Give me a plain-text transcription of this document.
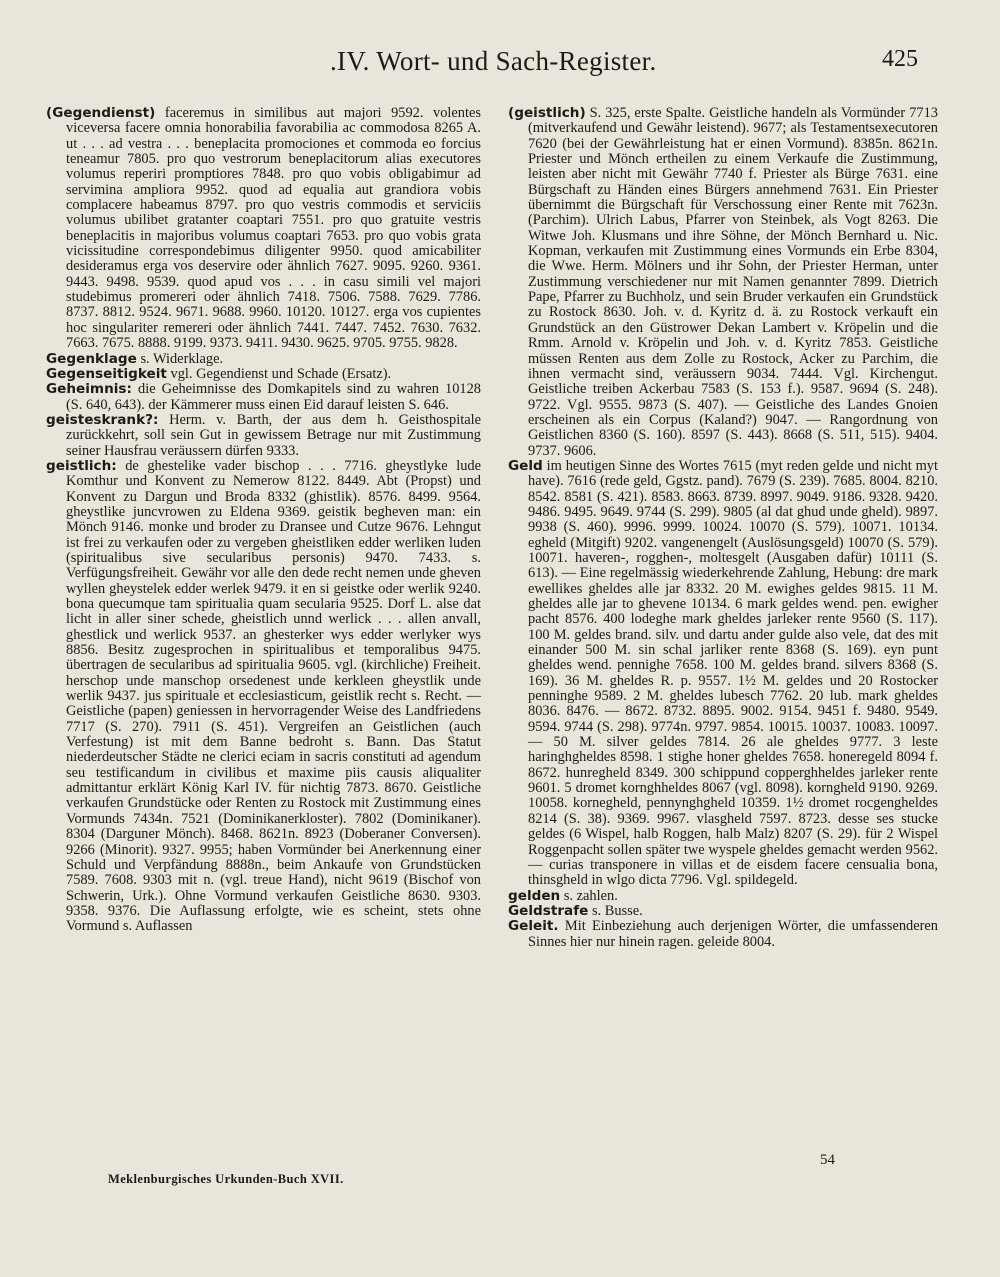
.IV. Wort- und Sach-Register.	425

(Gegendienst) faceremus in similibus aut majori 9592. volentes viceversa facere omnia honorabilia favorabilia ac commodosa 8265 A. ut . . . ad vestra . . . beneplacita promociones et commoda eo forcius teneamur 7805. pro quo vestrorum beneplacitorum alias executores volumus reperiri promptiores 7848. pro quo vobis obligabimur ad servimina ampliora 9952. quod ad equalia aut grandiora vobis complacere habeamus 8797. pro quo vestris commodis et serviciis volumus ubilibet gratanter coaptari 7551. pro quo gratuite vestris beneplacitis in majoribus volumus coaptari 7653. pro quo vobis grata vicissitudine correspondebimus diligenter 9950. quod amicabiliter desideramus erga vos deservire oder ähnlich 7627. 9095. 9260. 9361. 9443. 9498. 9539. quod apud vos . . . in casu simili vel majori studebimus promereri oder ähnlich 7418. 7506. 7588. 7629. 7786. 8737. 8812. 9524. 9671. 9688. 9960. 10120. 10127. erga vos cupientes hoc singulariter remereri oder ähnlich 7441. 7447. 7452. 7630. 7632. 7663. 7675. 8888. 9199. 9373. 9411. 9430. 9625. 9705. 9755. 9828.

Gegenklage s. Widerklage.

Gegenseitigkeit vgl. Gegendienst und Schade (Ersatz).

Geheimnis: die Geheimnisse des Domkapitels sind zu wahren 10128 (S. 640, 643). der Kämmerer muss einen Eid darauf leisten S. 646.

geisteskrank?: Herm. v. Barth, der aus dem h. Geisthospitale zurückkehrt, soll sein Gut in gewissem Betrage nur mit Zustimmung seiner Hausfrau veräussern dürfen 9333.

geistlich: de ghestelike vader bischop . . . 7716. gheystlyke lude Komthur und Konvent zu Nemerow 8122. 8449. Abt (Propst) und Konvent zu Dargun und Broda 8332 (ghistlik). 8576. 8499. 9564. gheystlike juncvrowen zu Eldena 9369. geistik begheven man: ein Mönch 9146. monke und broder zu Dransee und Cutze 9676. Lehngut ist frei zu verkaufen oder zu vergeben gheistliken edder werliken luden (spiritualibus sive secularibus personis) 9470. 7433. s. Verfügungsfreiheit. Gewähr vor alle den dede recht nemen unde gheven wyllen gheystelek edder werlek 9479. it en si geistke oder werlik 9240. bona quecumque tam spiritualia quam secularia 9525. Dorf L. alse dat licht in aller siner schede, gheistlich unnd werlick . . . allen anvall, ghestlick und werlick 9537. an ghesterker wys edder werlyker wys 8856. Besitz zugesprochen in spiritualibus et temporalibus 9475. übertragen de secularibus ad spiritualia 9605. vgl. (kirchliche) Freiheit. herschop unde manschop orsedenest unde kerkleen gheystlik unde werlik 9437. jus spirituale et ecclesiasticum, geistlik recht s. Recht. — Geistliche (papen) geniessen in hervorragender Weise des Landfriedens 7717 (S. 270). 7911 (S. 451). Vergreifen an Geistlichen (auch Verfestung) ist mit dem Banne bedroht s. Bann. Das Statut niederdeutscher Städte ne clerici eciam in sacris constituti ad agendum seu testificandum in civilibus et maxime piis causis aliqualiter admittantur erklärt König Karl IV. für nichtig 7873. 8670. Geistliche verkaufen Grundstücke oder Renten zu Rostock mit Zustimmung eines Vormunds 7434n. 7521 (Dominikanerkloster). 7802 (Dominikaner). 8304 (Darguner Mönch). 8468. 8621n. 8923 (Doberaner Conversen). 9266 (Minorit). 9327. 9955; haben Vormünder bei Anerkennung einer Schuld und Verpfändung 8888n., beim Ankaufe von Grundstücken 7589. 7608. 9303 mit n. (vgl. treue Hand), nicht 9619 (Bischof von Schwerin, Urk.). Ohne Vormund verkaufen Geistliche 8630. 9303. 9358. 9376. Die Auflassung erfolgte, wie es scheint, stets ohne Vormund s. Auflassen

(geistlich) S. 325, erste Spalte. Geistliche handeln als Vormünder 7713 (mitverkaufend und Gewähr leistend). 9677; als Testamentsexecutoren 7620 (bei der Gewährleistung hat er einen Vormund). 8385n. 8621n. Priester und Mönch ertheilen zu einem Verkaufe die Zustimmung, leisten aber nicht mit Gewähr 7740 f. Priester als Bürge 7631. eine Bürgschaft zu Händen eines Bürgers annehmend 7631. Ein Priester übernimmt die Bürgschaft für Verschossung einer Rente mit 7623n. (Parchim). Ulrich Labus, Pfarrer von Steinbek, als Vogt 8263. Die Witwe Joh. Klusmans und ihre Söhne, der Mönch Bernhard u. Nic. Kopman, verkaufen mit Zustimmung eines Vormunds ein Erbe 8304, die Wwe. Herm. Mölners und ihr Sohn, der Priester Herman, unter Zustimmung verschiedener nur mit Namen genannter 7899. Dietrich Pape, Pfarrer zu Buchholz, und sein Bruder verkaufen ein Grundstück zu Rostock 8630. Joh. v. d. Kyritz d. ä. zu Rostock verkauft ein Grundstück an den Güstrower Dekan Lambert v. Kröpelin und die Rmm. Arnold v. Kröpelin und Joh. v. d. Kyritz 7853. Geistliche müssen Renten aus dem Zolle zu Rostock, Acker zu Parchim, die ihnen vermacht sind, veräussern 9034. 7444. Vgl. Kirchengut. Geistliche treiben Ackerbau 7583 (S. 153 f.). 9587. 9694 (S. 248). 9722. Vgl. 9555. 9873 (S. 407). — Geistliche des Landes Gnoien erscheinen als ein Corpus (Kaland?) 9047. — Rangordnung von Geistlichen 8360 (S. 160). 8597 (S. 443). 8668 (S. 511, 515). 9404. 9737. 9606.

Geld im heutigen Sinne des Wortes 7615 (myt reden gelde und nicht myt have). 7616 (rede geld, Ggstz. pand). 7679 (S. 239). 7685. 8004. 8210. 8542. 8581 (S. 421). 8583. 8663. 8739. 8997. 9049. 9186. 9328. 9420. 9486. 9495. 9649. 9744 (S. 299). 9805 (al dat ghud unde gheld). 9897. 9938 (S. 460). 9996. 9999. 10024. 10070 (S. 579). 10071. 10134. egheld (Mitgift) 9202. vangenengelt (Auslösungsgeld) 10070 (S. 579). 10071. haveren-, rogghen-, moltesgelt (Ausgaben dafür) 10111 (S. 613). — Eine regelmässig wiederkehrende Zahlung, Hebung: dre mark ewellikes gheldes alle jar 8332. 20 M. ewighes geldes 9815. 11 M. gheldes alle jar to ghevene 10134. 6 mark geldes wend. pen. ewigher pacht 8576. 400 lodeghe mark gheldes jarleker rente 9560 (S. 117). 100 M. geldes brand. silv. und dartu ander gulde also vele, dat des mit einander 500 M. sin schal jarliker rente 8368 (S. 169). eyn punt gheldes wend. pennighe 7658. 100 M. geldes brand. silvers 8368 (S. 169). 36 M. gheldes R. p. 9557. 1½ M. geldes und 20 Rostocker penninghe 9589. 2 M. gheldes lubesch 7762. 20 lub. mark gheldes 8036. 8476. — 8672. 8732. 8895. 9002. 9154. 9451 f. 9480. 9549. 9594. 9744 (S. 298). 9774n. 9797. 9854. 10015. 10037. 10083. 10097. — 50 M. silver geldes 7814. 26 ale gheldes 9777. 3 leste haringhgheldes 8598. 1 stighe honer gheldes 7658. honeregeld 8094 f. 8672. hunregheld 8349. 300 schippund copperghheldes jarleker rente 9601. 5 dromet kornghheldes 8067 (vgl. 8098). korngheld 9190. 9269. 10058. kornegheld, pennynghgheld 10359. 1½ dromet rocgengheldes 8214 (S. 38). 9369. 9967. vlasgheld 7597. 8723. desse ses stucke geldes (6 Wispel, halb Roggen, halb Malz) 8207 (S. 29). für 2 Wispel Roggenpacht sollen später twe wyspele gheldes gemacht werden 9562. — curias transponere in villas et de eisdem facere censualia bona, thinsgheld in wlgo dicta 7796. Vgl. spildegeld.

gelden s. zahlen.

Geldstrafe s. Busse.

Geleit. Mit Einbeziehung auch derjenigen Wörter, die umfassenderen Sinnes hier nur hinein ragen. geleide 8004.

Meklenburgisches Urkunden-Buch XVII.
54
